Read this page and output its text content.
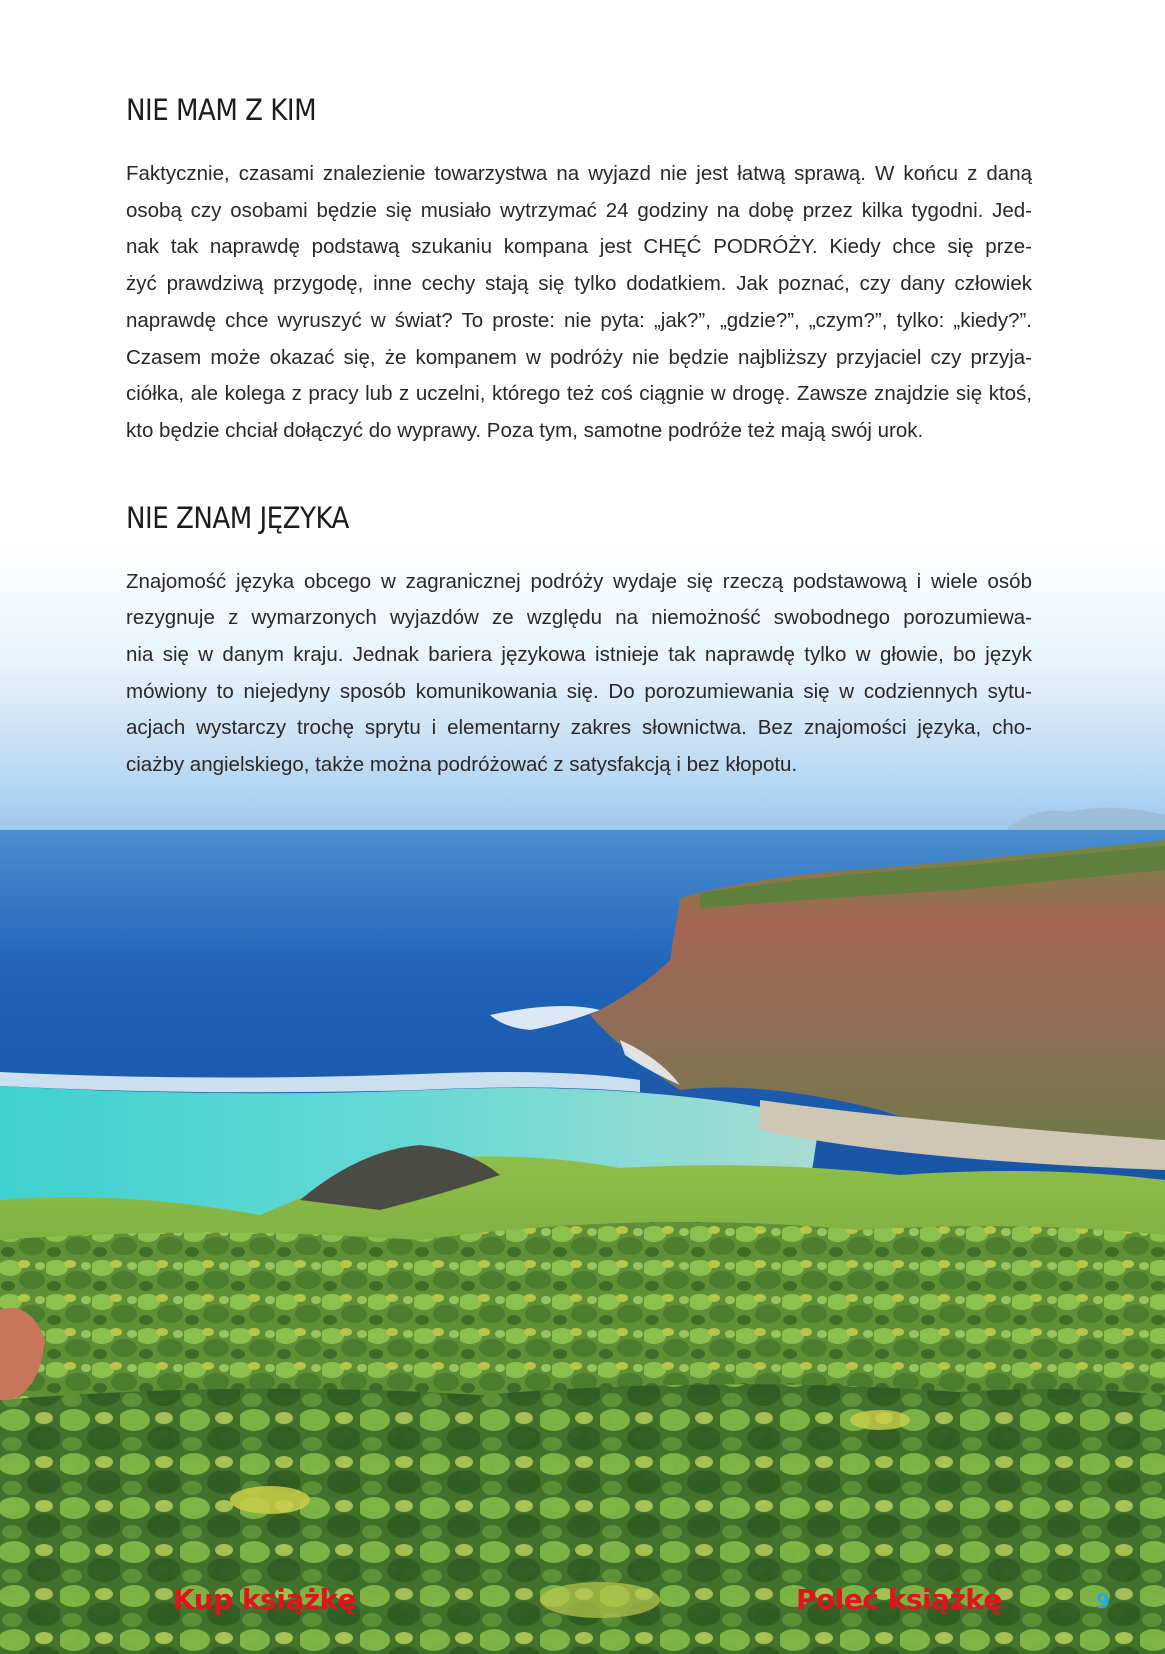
NIE MAM Z KIM

Faktycznie, czasami znalezienie towarzystwa na wyjazd nie jest łatwą sprawą. W końcu z daną
osobą czy osobami będzie się musiało wytrzymać 24 godziny na dobę przez kilka tygodni. Jed-
nak tak naprawdę podstawą szukaniu kompana jest CHĘĆ PODRÓŻY. Kiedy chce się prze-
żyć prawdziwą przygodę, inne cechy stają się tylko dodatkiem. Jak poznać, czy dany człowiek
naprawdę chce wyruszyć w świat? To proste: nie pyta: „jak?”, „gdzie?”, „czym?”, tylko: „kiedy?”.
Czasem może okazać się, że kompanem w podróży nie będzie najbliższy przyjaciel czy przyja-
ciółka, ale kolega z pracy lub z uczelni, którego też coś ciągnie w drogę. Zawsze znajdzie się ktoś,
kto będzie chciał dołączyć do wyprawy. Poza tym, samotne podróże też mają swój urok.

NIE ZNAM JĘZYKA

Znajomość języka obcego w zagranicznej podróży wydaje się rzeczą podstawową i wiele osób
rezygnuje z wymarzonych wyjazdów ze względu na niemożność swobodnego porozumiewa-
nia się w danym kraju. Jednak bariera językowa istnieje tak naprawdę tylko w głowie, bo język
mówiony to niejedyny sposób komunikowania się. Do porozumiewania się w codziennych sytu-
acjach wystarczy trochę sprytu i elementarny zakres słownictwa. Bez znajomości języka, cho-
ciażby angielskiego, także można podróżować z satysfakcją i bez kłopotu.

Kup książkę	Poleć książkę	9
